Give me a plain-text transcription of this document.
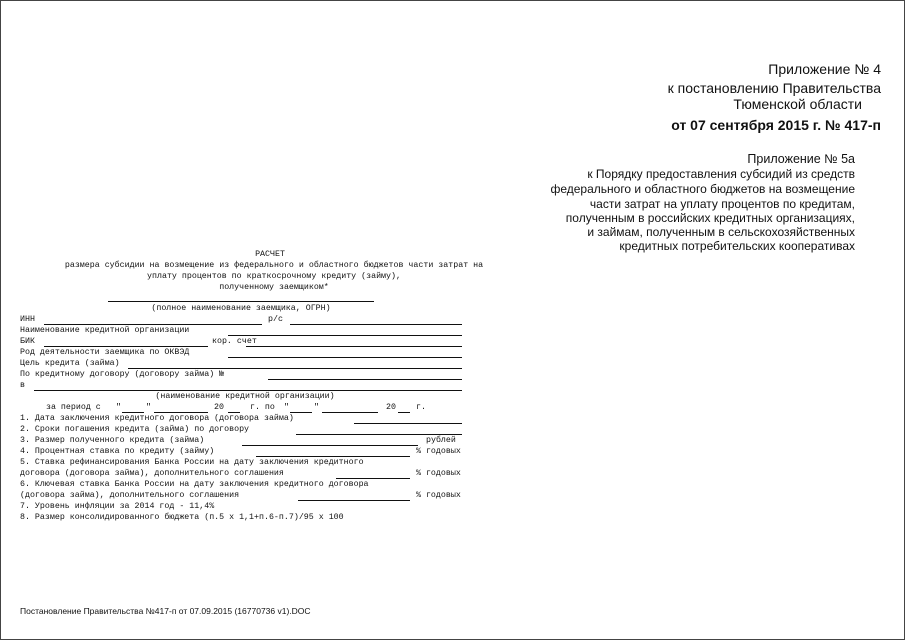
Приложение № 4
к постановлению Правительства
Тюменской области
от 07 сентября 2015 г. № 417-п
Приложение № 5а
к Порядку предоставления субсидий из средств
федерального и областного бюджетов на возмещение
части затрат на уплату процентов по кредитам,
полученным в российских кредитных организациях,
и займам, полученным в сельскохозяйственных
кредитных потребительских кооперативах
РАСЧЕТ
размера субсидии на возмещение из федерального и областного бюджетов части затрат на
уплату процентов по краткосрочному кредиту (займу),
полученному заемщиком*
(полное наименование заемщика, ОГРН)
ИНН	р/с
Наименование кредитной организации
БИК	кор. счет
Род деятельности заемщика по ОКВЭД
Цель кредита (займа)
По кредитному договору (договору займа) №
в
(наименование кредитной организации)
за период с "	"	20	г. по "	"	20 г.
1. Дата заключения кредитного договора (договора займа)
2. Сроки погашения кредита (займа) по договору
3. Размер полученного кредита (займа)	рублей
4. Процентная ставка по кредиту (займу)	% годовых
5. Ставка рефинансирования Банка России на дату заключения кредитного
договора (договора займа), дополнительного соглашения	% годовых
6. Ключевая ставка Банка России на дату заключения кредитного договора
(договора займа), дополнительного соглашения	% годовых
7. Уровень инфляции за 2014 год - 11,4%
8. Размер консолидированного бюджета (п.5 х 1,1+п.6-п.7)/95 х 100
Постановление Правительства №417-п от 07.09.2015 (16770736 v1).DOC
